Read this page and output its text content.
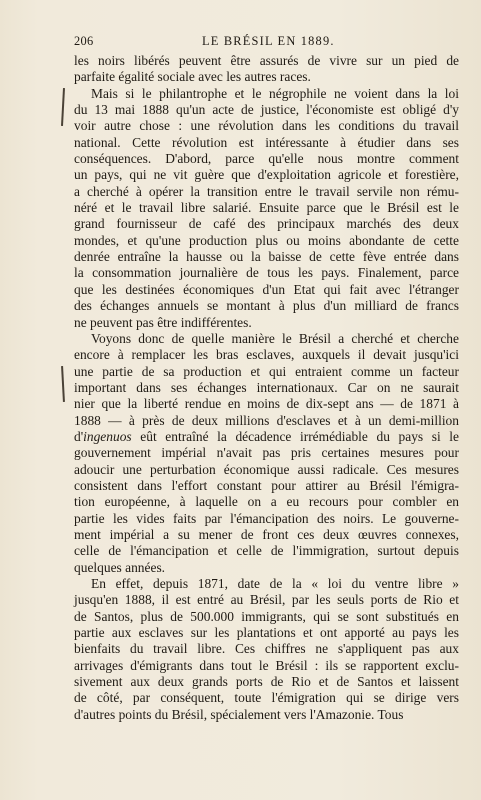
206	LE BRÉSIL EN 1889.

les noirs libérés peuvent être assurés de vivre sur un pied de
parfaite égalité sociale avec les autres races.

Mais si le philantrophe et le négrophile ne voient dans la loi
du 13 mai 1888 qu'un acte de justice, l'économiste est obligé d'y
voir autre chose : une révolution dans les conditions du travail
national. Cette révolution est intéressante à étudier dans ses
conséquences. D'abord, parce qu'elle nous montre comment
un pays, qui ne vit guère que d'exploitation agricole et forestière,
a cherché à opérer la transition entre le travail servile non rému-
néré et le travail libre salarié. Ensuite parce que le Brésil est le
grand fournisseur de café des principaux marchés des deux
mondes, et qu'une production plus ou moins abondante de cette
denrée entraîne la hausse ou la baisse de cette fève entrée dans
la consommation journalière de tous les pays. Finalement, parce
que les destinées économiques d'un Etat qui fait avec l'étranger
des échanges annuels se montant à plus d'un milliard de francs
ne peuvent pas être indifférentes.

Voyons donc de quelle manière le Brésil a cherché et cherche
encore à remplacer les bras esclaves, auxquels il devait jusqu'ici
une partie de sa production et qui entraient comme un facteur
important dans ses échanges internationaux. Car on ne saurait
nier que la liberté rendue en moins de dix-sept ans — de 1871 à
1888 — à près de deux millions d'esclaves et à un demi-million
d'ingenuos eût entraîné la décadence irrémédiable du pays si le
gouvernement impérial n'avait pas pris certaines mesures pour
adoucir une perturbation économique aussi radicale. Ces mesures
consistent dans l'effort constant pour attirer au Brésil l'émigra-
tion européenne, à laquelle on a eu recours pour combler en
partie les vides faits par l'émancipation des noirs. Le gouverne-
ment impérial a su mener de front ces deux œuvres connexes,
celle de l'émancipation et celle de l'immigration, surtout depuis
quelques années.

En effet, depuis 1871, date de la « loi du ventre libre »
jusqu'en 1888, il est entré au Brésil, par les seuls ports de Rio et
de Santos, plus de 500.000 immigrants, qui se sont substitués en
partie aux esclaves sur les plantations et ont apporté au pays les
bienfaits du travail libre. Ces chiffres ne s'appliquent pas aux
arrivages d'émigrants dans tout le Brésil : ils se rapportent exclu-
sivement aux deux grands ports de Rio et de Santos et laissent
de côté, par conséquent, toute l'émigration qui se dirige vers
d'autres points du Brésil, spécialement vers l'Amazonie. Tous
